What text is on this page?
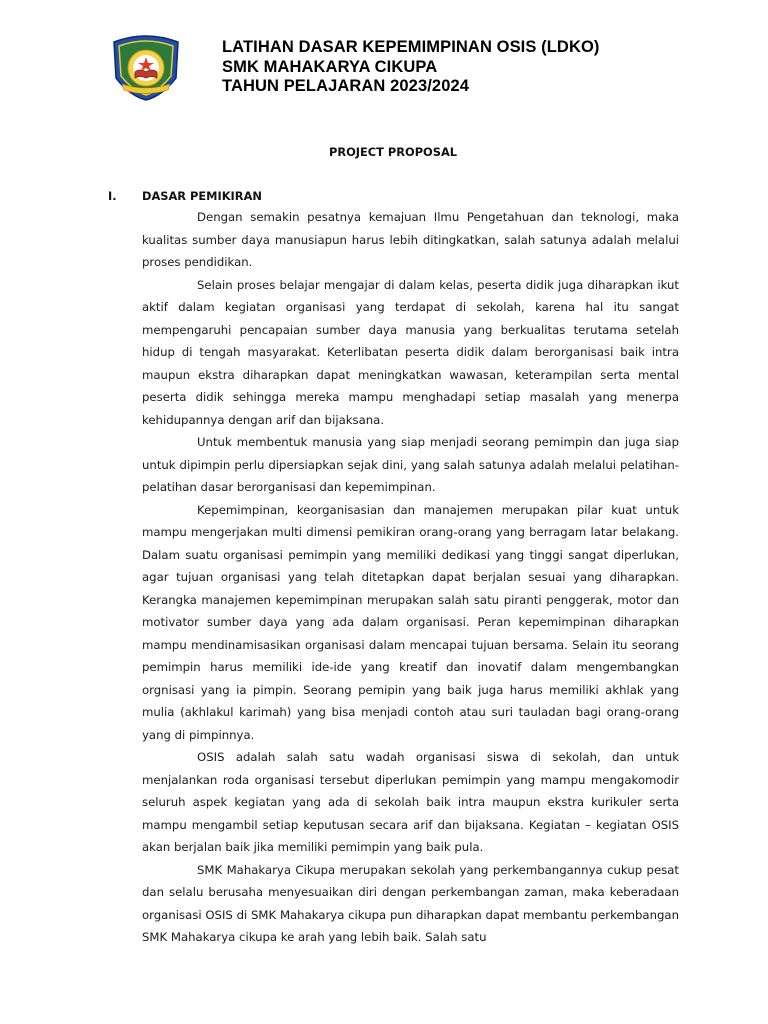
LATIHAN DASAR KEPEMIMPINAN OSIS (LDKO)
SMK MAHAKARYA CIKUPA
TAHUN PELAJARAN 2023/2024
PROJECT PROPOSAL
I. DASAR PEMIKIRAN

Dengan semakin pesatnya kemajuan Ilmu Pengetahuan dan teknologi, maka kualitas sumber daya manusiapun harus lebih ditingkatkan, salah satunya adalah melalui proses pendidikan.

Selain proses belajar mengajar di dalam kelas, peserta didik juga diharapkan ikut aktif dalam kegiatan organisasi yang terdapat di sekolah, karena hal itu sangat mempengaruhi pencapaian sumber daya manusia yang berkualitas terutama setelah hidup di tengah masyarakat. Keterlibatan peserta didik dalam berorganisasi baik intra maupun ekstra diharapkan dapat meningkatkan wawasan, keterampilan serta mental peserta didik sehingga mereka mampu menghadapi setiap masalah yang menerpa kehidupannya dengan arif dan bijaksana.

Untuk membentuk manusia yang siap menjadi seorang pemimpin dan juga siap untuk dipimpin perlu dipersiapkan sejak dini, yang salah satunya adalah melalui pelatihan-pelatihan dasar berorganisasi dan kepemimpinan.

Kepemimpinan, keorganisasian dan manajemen merupakan pilar kuat untuk mampu mengerjakan multi dimensi pemikiran orang-orang yang berragam latar belakang. Dalam suatu organisasi pemimpin yang memiliki dedikasi yang tinggi sangat diperlukan, agar tujuan organisasi yang telah ditetapkan dapat berjalan sesuai yang diharapkan. Kerangka manajemen kepemimpinan merupakan salah satu piranti penggerak, motor dan motivator sumber daya yang ada dalam organisasi. Peran kepemimpinan diharapkan mampu mendinamisasikan organisasi dalam mencapai tujuan bersama. Selain itu seorang pemimpin harus memiliki ide-ide yang kreatif dan inovatif dalam mengembangkan orgnisasi yang ia pimpin. Seorang pemipin yang baik juga harus memiliki akhlak yang mulia (akhlakul karimah) yang bisa menjadi contoh atau suri tauladan bagi orang-orang yang di pimpinnya.

OSIS adalah salah satu wadah organisasi siswa di sekolah, dan untuk menjalankan roda organisasi tersebut diperlukan pemimpin yang mampu mengakomodir seluruh aspek kegiatan yang ada di sekolah baik intra maupun ekstra kurikuler serta mampu mengambil setiap keputusan secara arif dan bijaksana. Kegiatan – kegiatan OSIS akan berjalan baik jika memiliki pemimpin yang baik pula.

SMK Mahakarya Cikupa merupakan sekolah yang perkembangannya cukup pesat dan selalu berusaha menyesuaikan diri dengan perkembangan zaman, maka keberadaan organisasi OSIS di SMK Mahakarya cikupa pun diharapkan dapat membantu perkembangan SMK Mahakarya cikupa ke arah yang lebih baik. Salah satu
